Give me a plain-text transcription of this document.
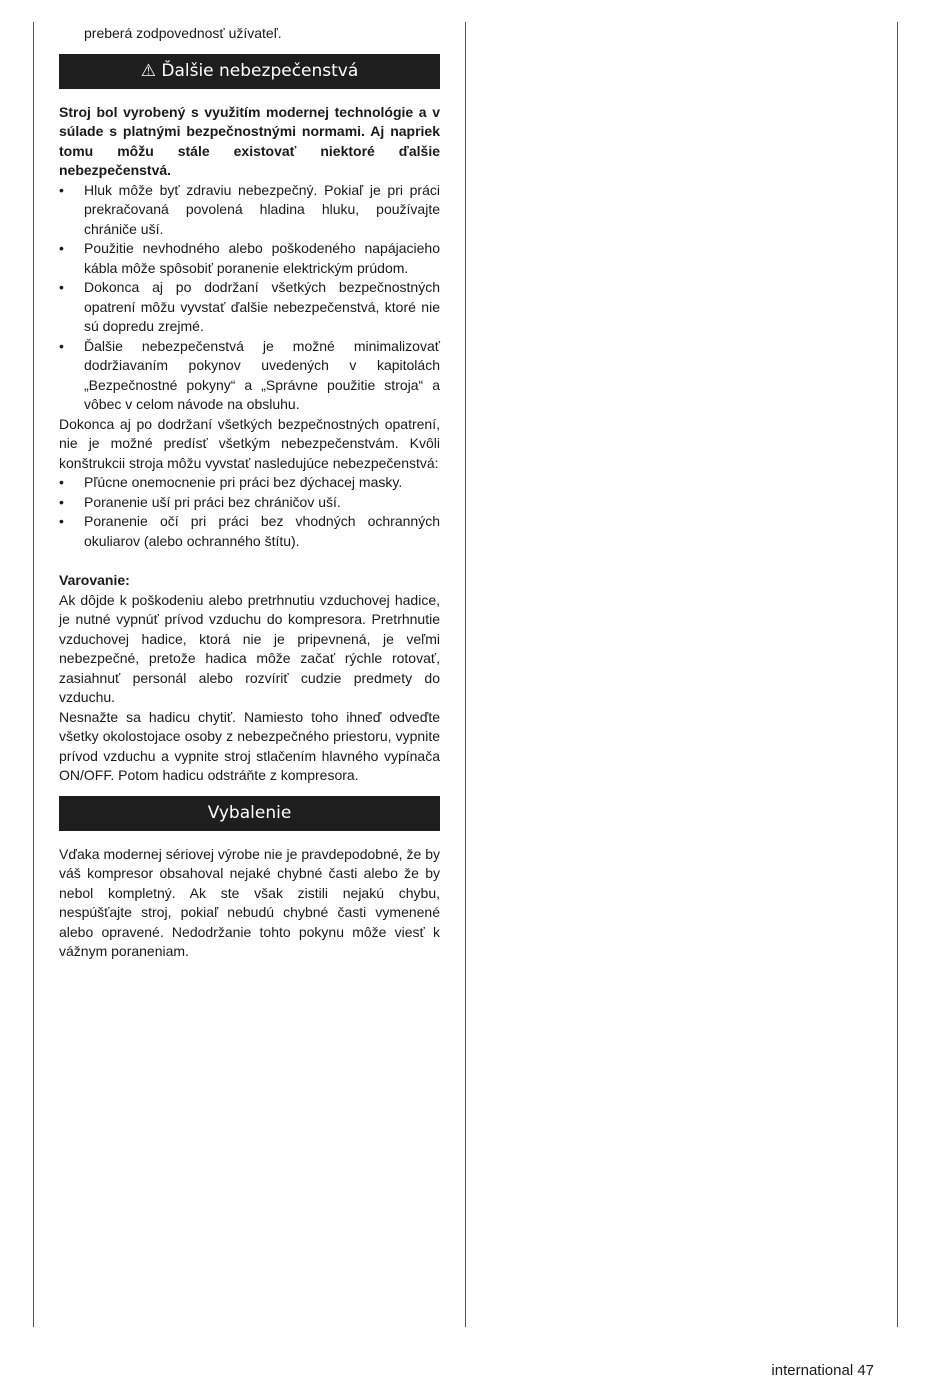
preberá zodpovednosť užívateľ.

⚠ Ďalšie nebezpečenstvá

Stroj bol vyrobený s využitím modernej technológie a v súlade s platnými bezpečnostnými normami. Aj napriek tomu môžu stále existovať niektoré ďalšie nebezpečenstvá.

• Hluk môže byť zdraviu nebezpečný. Pokiaľ je pri práci prekračovaná povolená hladina hluku, používajte chrániče uší.
• Použitie nevhodného alebo poškodeného napájacieho kábla môže spôsobiť poranenie elektrickým prúdom.
• Dokonca aj po dodržaní všetkých bezpečnostných opatrení môžu vyvstať ďalšie nebezpečenstvá, ktoré nie sú dopredu zrejmé.
• Ďalšie nebezpečenstvá je možné minimalizovať dodržiavaním pokynov uvedených v kapitolách „Bezpečnostné pokyny“ a „Správne použitie stroja“ a vôbec v celom návode na obsluhu.

Dokonca aj po dodržaní všetkých bezpečnostných opatrení, nie je možné predísť všetkým nebezpečenstvám. Kvôli konštrukcii stroja môžu vyvstať nasledujúce nebezpečenstvá:

• Pľúcne onemocnenie pri práci bez dýchacej masky.
• Poranenie uší pri práci bez chráničov uší.
• Poranenie očí pri práci bez vhodných ochranných okuliarov (alebo ochranného štítu).

Varovanie:

Ak dôjde k poškodeniu alebo pretrhnutiu vzduchovej hadice, je nutné vypnúť prívod vzduchu do kompresora. Pretrhnutie vzduchovej hadice, ktorá nie je pripevnená, je veľmi nebezpečné, pretože hadica môže začať rýchle rotovať, zasiahnuť personál alebo rozvíriť cudzie predmety do vzduchu.

Nesnažte sa hadicu chytiť. Namiesto toho ihneď odveďte všetky okolostojace osoby z nebezpečného priestoru, vypnite prívod vzduchu a vypnite stroj stlačením hlavného vypínača ON/OFF. Potom hadicu odstráňte z kompresora.

Vybalenie

Vďaka modernej sériovej výrobe nie je pravdepodobné, že by váš kompresor obsahoval nejaké chybné časti alebo že by nebol kompletný. Ak ste však zistili nejakú chybu, nespúšťajte stroj, pokiaľ nebudú chybné časti vymenené alebo opravené. Nedodržanie tohto pokynu môže viesť k vážnym poraneniam.

international 47
